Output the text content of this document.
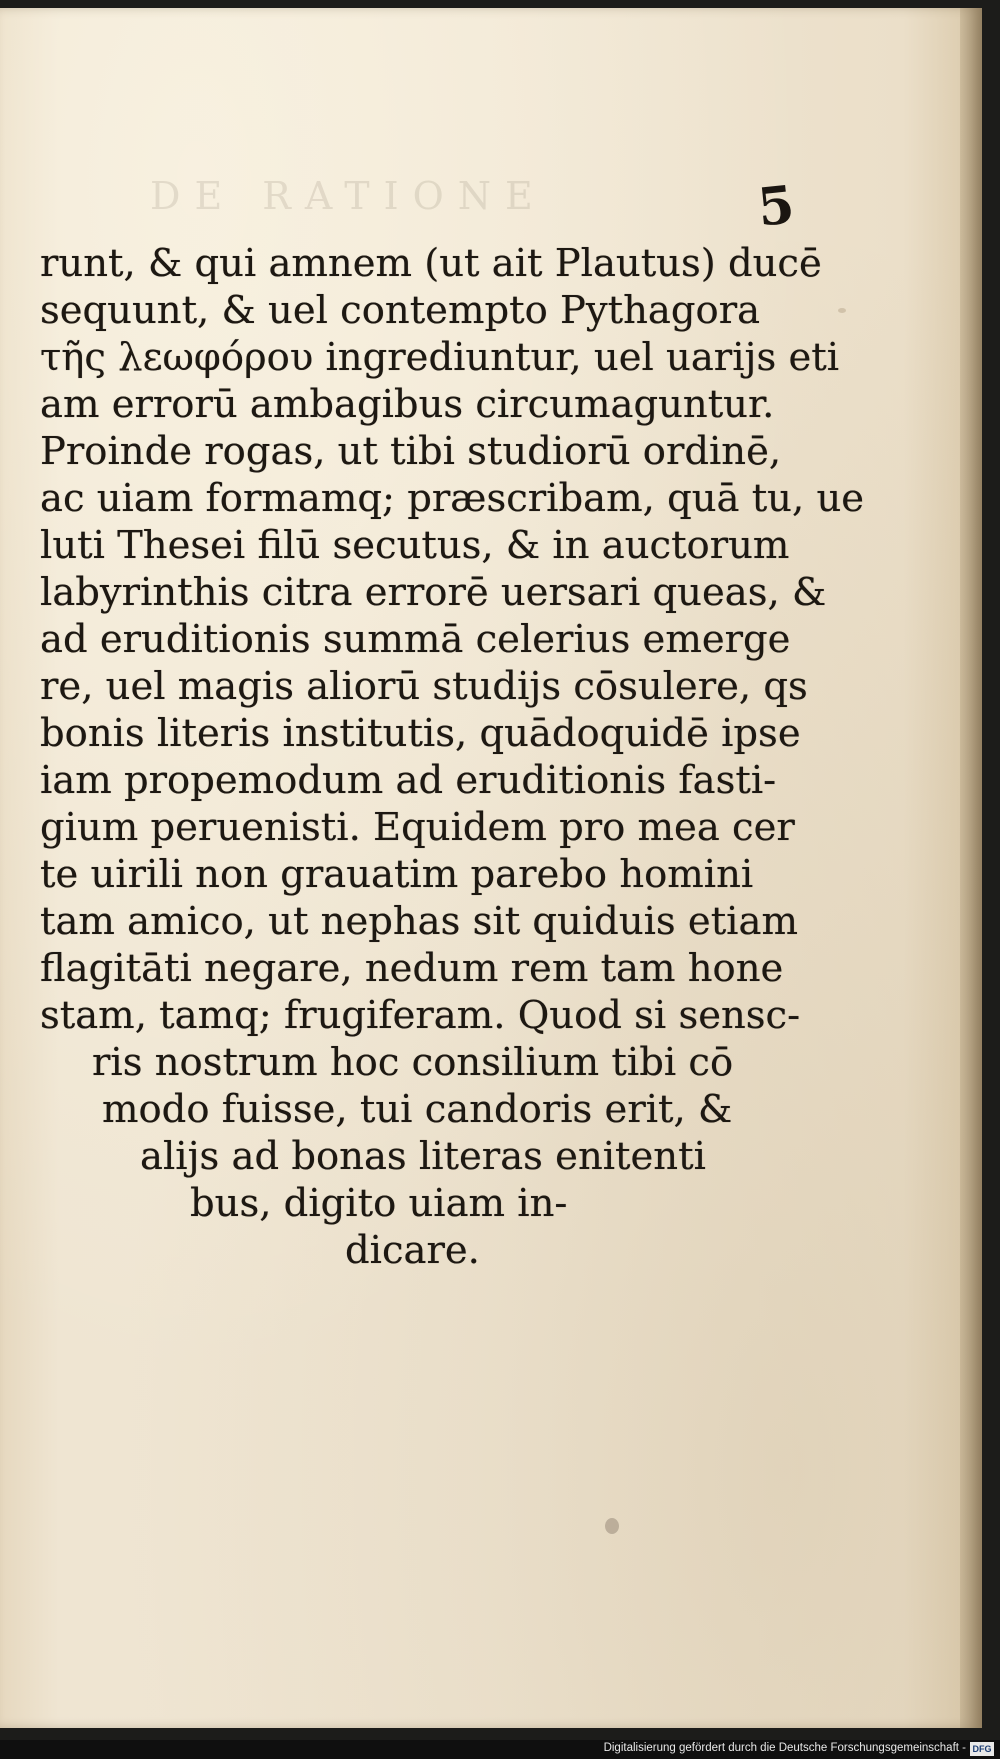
DE RATIONE	5
runt, & qui amnem (ut ait Plautus) ducē
sequunt, & uel contempto Pythagora
τῆς λεωφόρου ingrediuntur, uel uarijs eti
am errorū ambagibus circumaguntur.
Proinde rogas, ut tibi studiorū ordinē,
ac uiam formamq; præscribam, quā tu, ue
luti Thesei filū secutus, & in auctorum
labyrinthis citra errorē uersari queas, &
ad eruditionis summā celerius emerge
re, uel magis aliorū studijs cōsulere, qs
bonis literis institutis, quādoquidē ipse
iam propemodum ad eruditionis fasti-
gium peruenisti. Equidem pro mea cer
te uirili non grauatim parebo homini
tam amico, ut nephas sit quiduis etiam
flagitāti negare, nedum rem tam hone
stam, tamq; frugiferam. Quod si sensc-
ris nostrum hoc consilium tibi cō
modo fuisse, tui candoris erit, &
alijs ad bonas literas enitenti
bus, digito uiam in-
dicare.
Digitalisierung gefördert durch die Deutsche Forschungsgemeinschaft - DFG
